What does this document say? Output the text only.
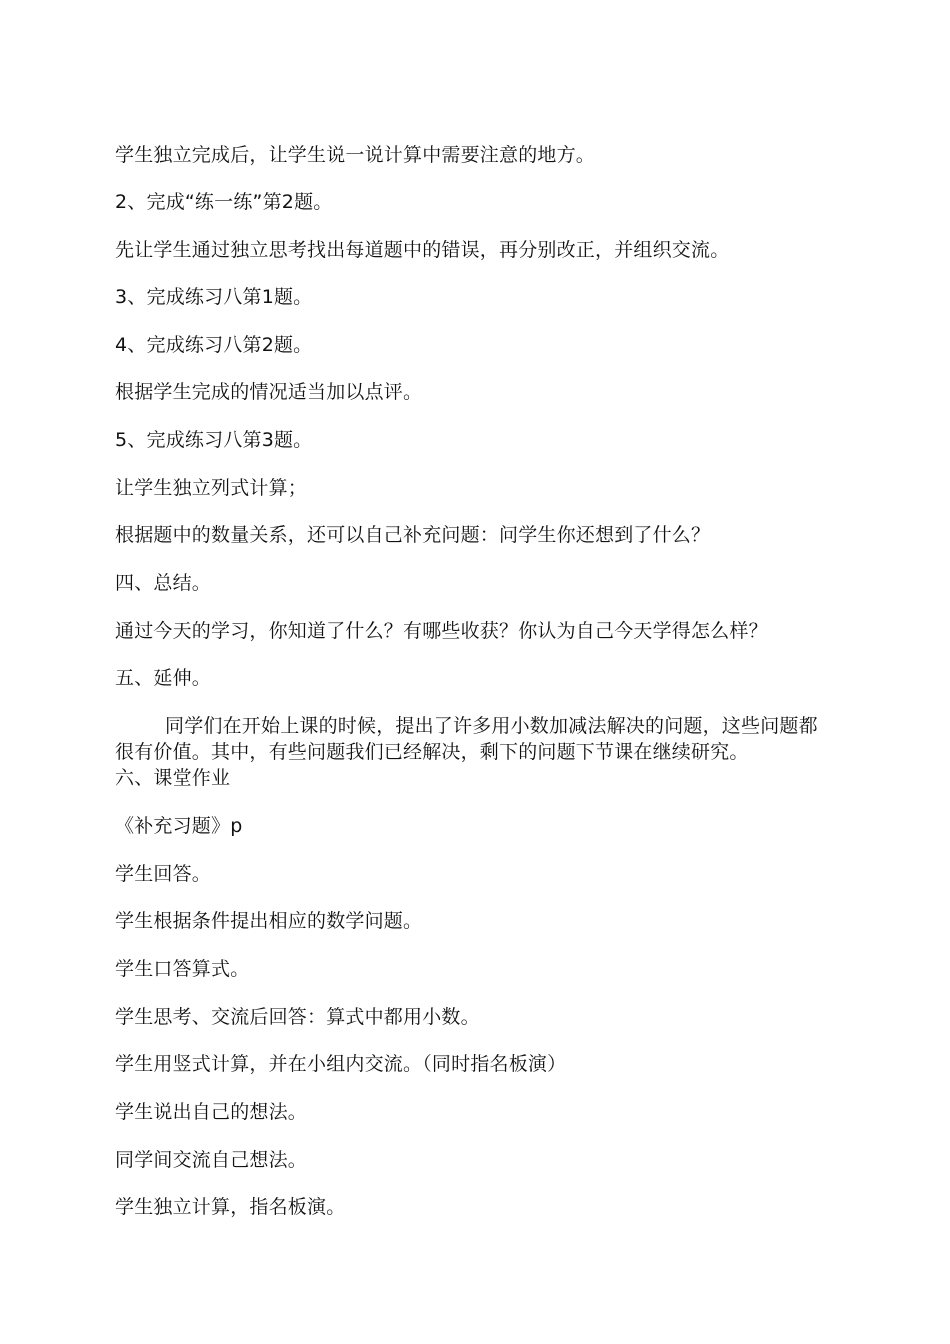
学生独立完成后，让学生说一说计算中需要注意的地方。

2、完成“练一练”第2题。

先让学生通过独立思考找出每道题中的错误，再分别改正，并组织交流。

3、完成练习八第1题。

4、完成练习八第2题。

根据学生完成的情况适当加以点评。

5、完成练习八第3题。

让学生独立列式计算；

根据题中的数量关系，还可以自己补充问题：问学生你还想到了什么？

四、总结。

通过今天的学习，你知道了什么？有哪些收获？你认为自己今天学得怎么样？

五、延伸。

同学们在开始上课的时候，提出了许多用小数加减法解决的问题，这些问题都很有价值。其中，有些问题我们已经解决，剩下的问题下节课在继续研究。

六、课堂作业

《补充习题》p

学生回答。

学生根据条件提出相应的数学问题。

学生口答算式。

学生思考、交流后回答：算式中都用小数。

学生用竖式计算，并在小组内交流。（同时指名板演）

学生说出自己的想法。

同学间交流自己想法。

学生独立计算，指名板演。
